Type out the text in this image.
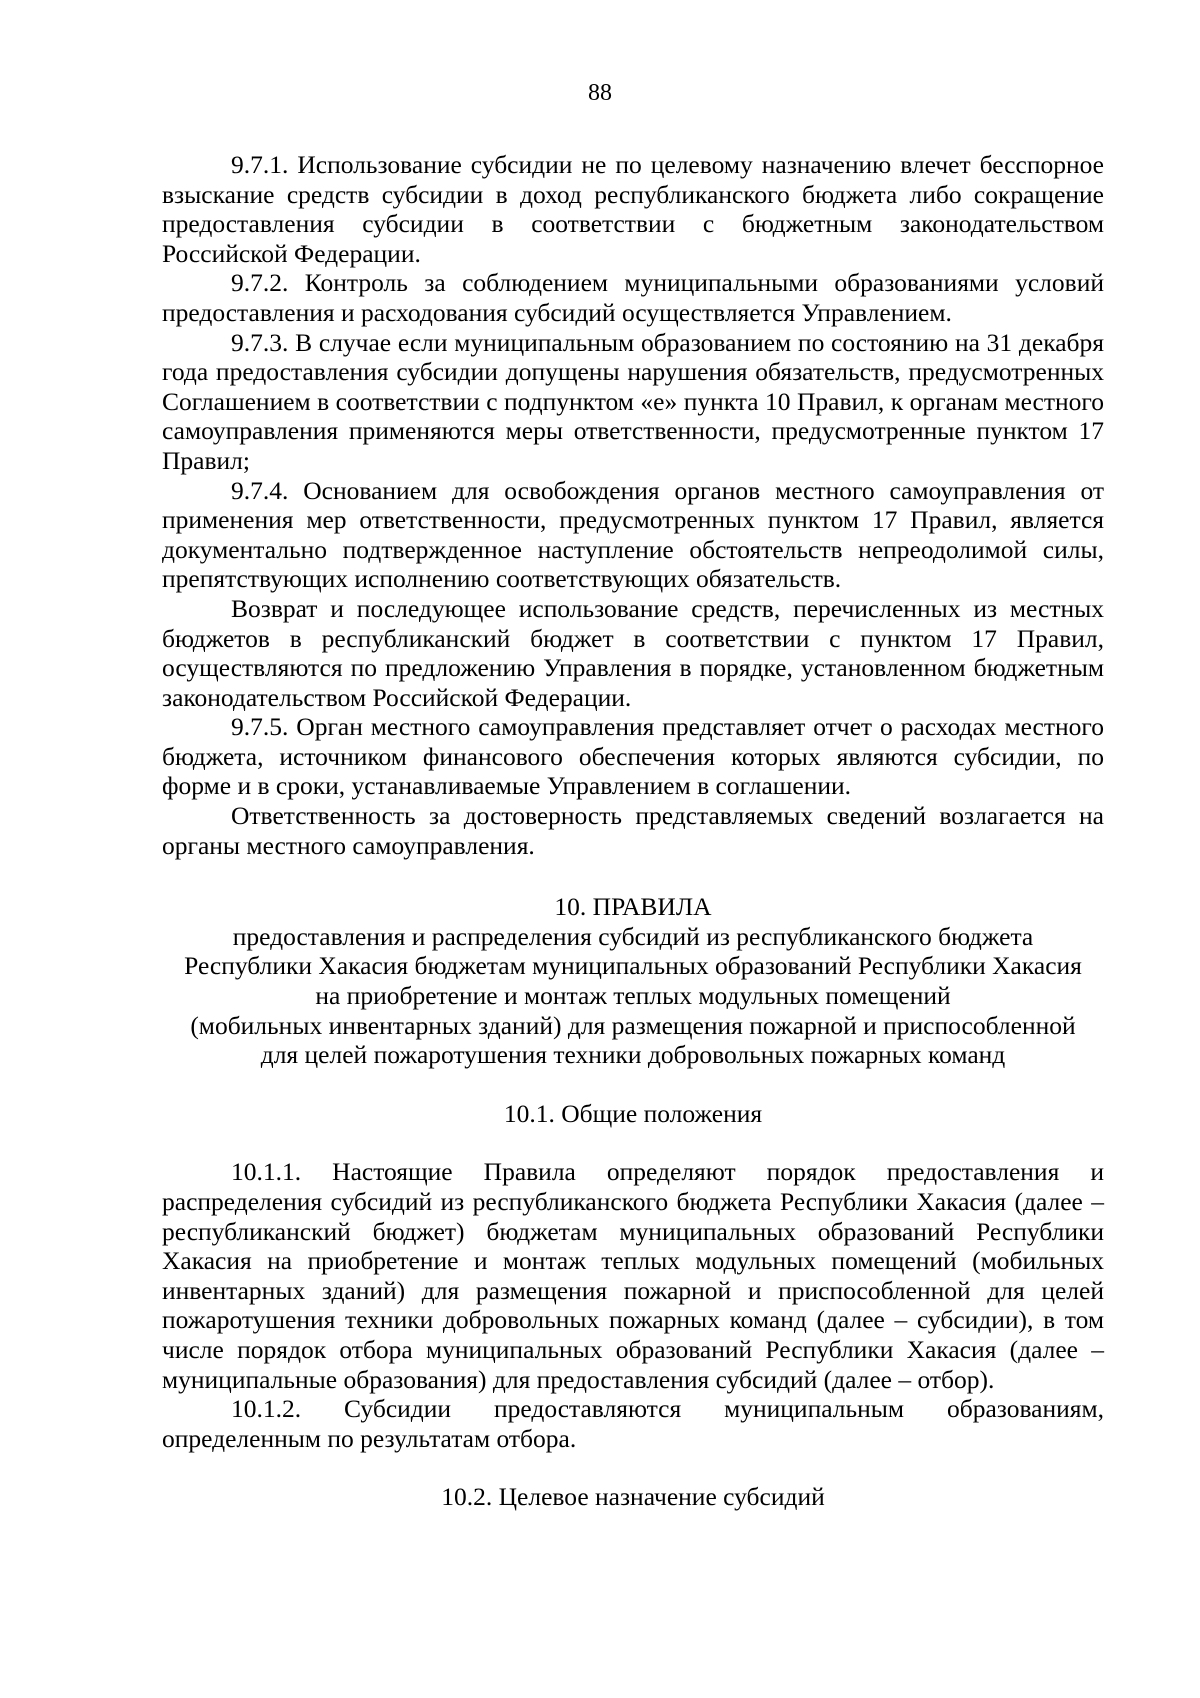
88

9.7.1. Использование субсидии не по целевому назначению влечет бесспорное взыскание средств субсидии в доход республиканского бюджета либо сокращение предоставления субсидии в соответствии с бюджетным законодательством Российской Федерации.

9.7.2. Контроль за соблюдением муниципальными образованиями условий предоставления и расходования субсидий осуществляется Управлением.

9.7.3. В случае если муниципальным образованием по состоянию на 31 декабря года предоставления субсидии допущены нарушения обязательств, предусмотренных Соглашением в соответствии с подпунктом «е» пункта 10 Правил, к органам местного самоуправления применяются меры ответственности, предусмотренные пунктом 17 Правил;

9.7.4. Основанием для освобождения органов местного самоуправления от применения мер ответственности, предусмотренных пунктом 17 Правил, является документально подтвержденное наступление обстоятельств непреодолимой силы, препятствующих исполнению соответствующих обязательств.

Возврат и последующее использование средств, перечисленных из местных бюджетов в республиканский бюджет в соответствии с пунктом 17 Правил, осуществляются по предложению Управления в порядке, установленном бюджетным законодательством Российской Федерации.

9.7.5. Орган местного самоуправления представляет отчет о расходах местного бюджета, источником финансового обеспечения которых являются субсидии, по форме и в сроки, устанавливаемые Управлением в соглашении.

Ответственность за достоверность представляемых сведений возлагается на органы местного самоуправления.

10. ПРАВИЛА
предоставления и распределения субсидий из республиканского бюджета
Республики Хакасия бюджетам муниципальных образований Республики Хакасия
на приобретение и монтаж теплых модульных помещений
(мобильных инвентарных зданий) для размещения пожарной и приспособленной
для целей пожаротушения техники добровольных пожарных команд
10.1. Общие положения

10.1.1. Настоящие Правила определяют порядок предоставления и распределения субсидий из республиканского бюджета Республики Хакасия (далее – республиканский бюджет) бюджетам муниципальных образований Республики Хакасия на приобретение и монтаж теплых модульных помещений (мобильных инвентарных зданий) для размещения пожарной и приспособленной для целей пожаротушения техники добровольных пожарных команд (далее – субсидии), в том числе порядок отбора муниципальных образований Республики Хакасия (далее – муниципальные образования) для предоставления субсидий (далее – отбор).

10.1.2. Субсидии предоставляются муниципальным образованиям, определенным по результатам отбора.

10.2. Целевое назначение субсидий
